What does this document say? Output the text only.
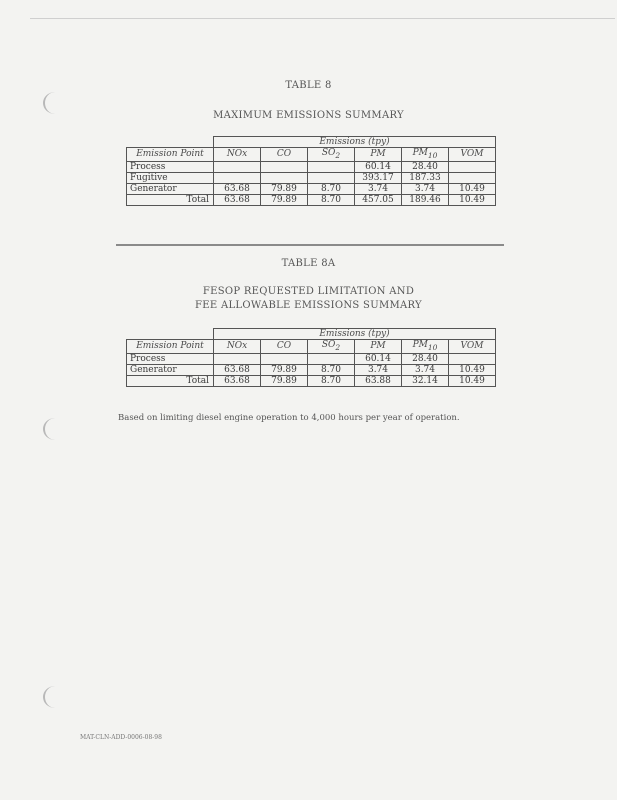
TABLE 8
MAXIMUM EMISSIONS SUMMARY
	Emissions (tpy)					
Emission Point	NOx	CO	$SO_2$	PM	$PM_{10}$	VOM
Process				60.14	28.40	
Fugitive				393.17	187.33	
Generator	63.68	79.89	8.70	3.74	3.74	10.49
Total	63.68	79.89	8.70	457.05	189.46	10.49
TABLE 8A
FESOP REQUESTED LIMITATION AND
FEE ALLOWABLE EMISSIONS SUMMARY
	Emissions (tpy)					
Emission Point	NOx	CO	$SO_2$	PM	$PM_{10}$	VOM
Process				60.14	28.40	
Generator	63.68	79.89	8.70	3.74	3.74	10.49
Total	63.68	79.89	8.70	63.88	32.14	10.49
Based on limiting diesel engine operation to 4,000 hours per year of operation.
MAT-CLN-ADD-0006-08-98
